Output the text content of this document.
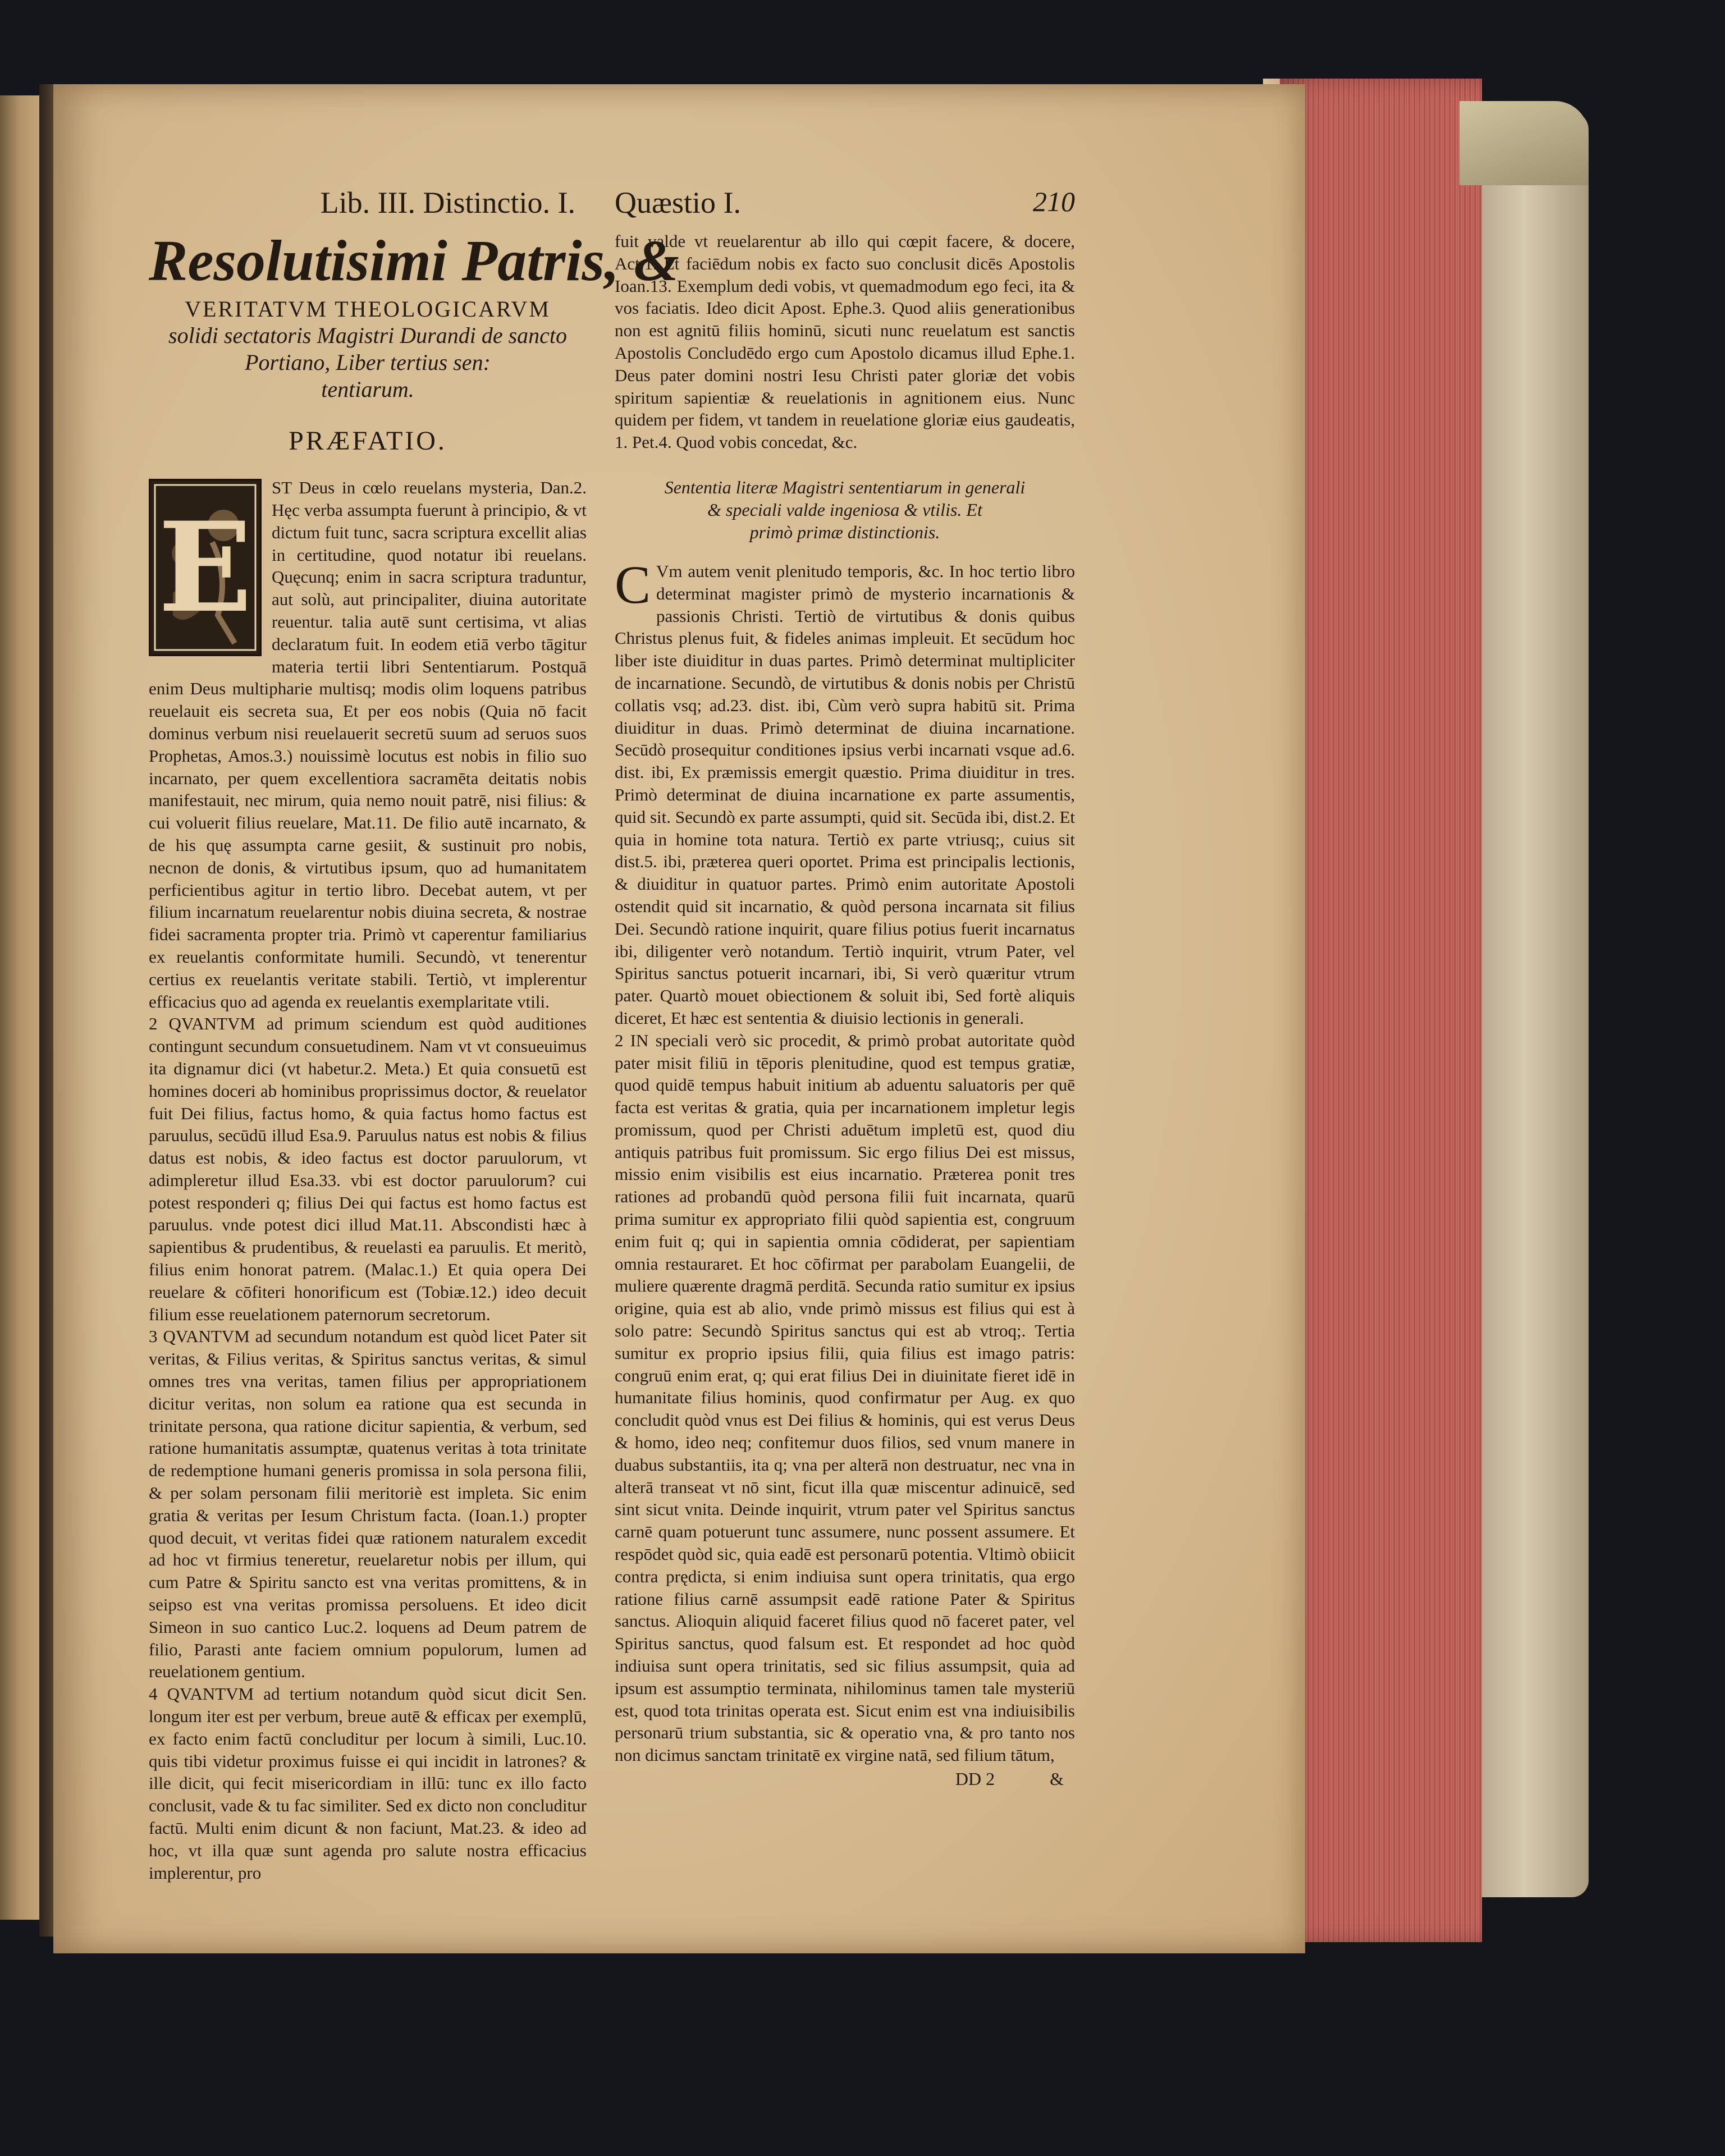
Lib. III. Distinctio. I.
Resolutisimi Patris, &
VERITATVM THEOLOGICARVM
solidi sectatoris Magistri Durandi de sancto
Portiano, Liber tertius sen:
tentiarum.
PRÆFATIO.
E

ST Deus in cœlo reuelans mysteria, Dan.2. Hęc verba assumpta fuerunt à principio, & vt dictum fuit tunc, sacra scriptura excellit alias in certitudine, quod notatur ibi reuelans. Quęcunq; enim in sacra scriptura traduntur, aut solù, aut principaliter, diuina autoritate reuentur. talia autē sunt certisima, vt alias declaratum fuit. In eodem etiā verbo tāgitur materia tertii libri Sententiarum. Postquā enim Deus multipharie multisq; modis olim loquens patribus reuelauit eis secreta sua, Et per eos nobis (Quia nō facit dominus verbum nisi reuelauerit secretū suum ad seruos suos Prophetas, Amos.3.) nouissimè locutus est nobis in filio suo incarnato, per quem excellentiora sacramēta deitatis nobis manifestauit, nec mirum, quia nemo nouit patrē, nisi filius: & cui voluerit filius reuelare, Mat.11. De filio autē incarnato, & de his quę assumpta carne gesiit, & sustinuit pro nobis, necnon de donis, & virtutibus ipsum, quo ad humanitatem perficientibus agitur in tertio libro. Decebat autem, vt per filium incarnatum reuelarentur nobis diuina secreta, & nostrae fidei sacramenta propter tria. Primò vt caperentur familiarius ex reuelantis conformitate humili. Secundò, vt tenerentur certius ex reuelantis veritate stabili. Tertiò, vt implerentur efficacius quo ad agenda ex reuelantis exemplaritate vtili.

2 QVANTVM ad primum sciendum est quòd auditiones contingunt secundum consuetudinem. Nam vt vt consueuimus ita dignamur dici (vt habetur.2. Meta.) Et quia consuetū est homines doceri ab hominibus proprissimus doctor, & reuelator fuit Dei filius, factus homo, & quia factus homo factus est paruulus, secūdū illud Esa.9. Paruulus natus est nobis & filius datus est nobis, & ideo factus est doctor paruulorum, vt adimpleretur illud Esa.33. vbi est doctor paruulorum? cui potest responderi q; filius Dei qui factus est homo factus est paruulus. vnde potest dici illud Mat.11. Abscondisti hæc à sapientibus & prudentibus, & reuelasti ea paruulis. Et meritò, filius enim honorat patrem. (Malac.1.) Et quia opera Dei reuelare & cōfiteri honorificum est (Tobiæ.12.) ideo decuit filium esse reuelationem paternorum secretorum.

3 QVANTVM ad secundum notandum est quòd licet Pater sit veritas, & Filius veritas, & Spiritus sanctus veritas, & simul omnes tres vna veritas, tamen filius per appropriationem dicitur veritas, non solum ea ratione qua est secunda in trinitate persona, qua ratione dicitur sapientia, & verbum, sed ratione humanitatis assumptæ, quatenus veritas à tota trinitate de redemptione humani generis promissa in sola persona filii, & per solam personam filii meritoriè est impleta. Sic enim gratia & veritas per Iesum Christum facta. (Ioan.1.) propter quod decuit, vt veritas fidei quæ rationem naturalem excedit ad hoc vt firmius teneretur, reuelaretur nobis per illum, qui cum Patre & Spiritu sancto est vna veritas promittens, & in seipso est vna veritas promissa persoluens. Et ideo dicit Simeon in suo cantico Luc.2. loquens ad Deum patrem de filio, Parasti ante faciem omnium populorum, lumen ad reuelationem gentium.

4 QVANTVM ad tertium notandum quòd sicut dicit Sen. longum iter est per verbum, breue autē & efficax per exemplū, ex facto enim factū concluditur per locum à simili, Luc.10. quis tibi videtur proximus fuisse ei qui incidit in latrones? & ille dicit, qui fecit misericordiam in illū: tunc ex illo facto conclusit, vade & tu fac similiter. Sed ex dicto non concluditur factū. Multi enim dicunt & non faciunt, Mat.23. & ideo ad hoc, vt illa quæ sunt agenda pro salute nostra efficacius implerentur, pro

Quæstio I.	210

fuit valde vt reuelarentur ab illo qui cœpit facere, & docere, Act.1. Et faciēdum nobis ex facto suo conclusit dicēs Apostolis Ioan.13. Exemplum dedi vobis, vt quemadmodum ego feci, ita & vos faciatis. Ideo dicit Apost. Ephe.3. Quod aliis generationibus non est agnitū filiis hominū, sicuti nunc reuelatum est sanctis Apostolis Concludēdo ergo cum Apostolo dicamus illud Ephe.1. Deus pater domini nostri Iesu Christi pater gloriæ det vobis spiritum sapientiæ & reuelationis in agnitionem eius. Nunc quidem per fidem, vt tandem in reuelatione gloriæ eius gaudeatis, 1. Pet.4. Quod vobis concedat, &c.

Sententia literæ Magistri sententiarum in generali
& speciali valde ingeniosa & vtilis. Et
primò primæ distinctionis.
C Vm autem venit plenitudo temporis, &c. In hoc tertio libro determinat magister primò de mysterio incarnationis & passionis Christi. Tertiò de virtutibus & donis quibus Christus plenus fuit, & fideles animas impleuit. Et secūdum hoc liber iste diuiditur in duas partes. Primò determinat multipliciter de incarnatione. Secundò, de virtutibus & donis nobis per Christū collatis vsq; ad.23. dist. ibi, Cùm verò supra habitū sit. Prima diuiditur in duas. Primò determinat de diuina incarnatione. Secūdò prosequitur conditiones ipsius verbi incarnati vsque ad.6. dist. ibi, Ex præmissis emergit quæstio. Prima diuiditur in tres. Primò determinat de diuina incarnatione ex parte assumentis, quid sit. Secundò ex parte assumpti, quid sit. Secūda ibi, dist.2. Et quia in homine tota natura. Tertiò ex parte vtriusq;, cuius sit dist.5. ibi, præterea queri oportet. Prima est principalis lectionis, & diuiditur in quatuor partes. Primò enim autoritate Apostoli ostendit quid sit incarnatio, & quòd persona incarnata sit filius Dei. Secundò ratione inquirit, quare filius potius fuerit incarnatus ibi, diligenter verò notandum. Tertiò inquirit, vtrum Pater, vel Spiritus sanctus potuerit incarnari, ibi, Si verò quæritur vtrum pater. Quartò mouet obiectionem & soluit ibi, Sed fortè aliquis diceret, Et hæc est sententia & diuisio lectionis in generali.

2 IN speciali verò sic procedit, & primò probat autoritate quòd pater misit filiū in tēporis plenitudine, quod est tempus gratiæ, quod quidē tempus habuit initium ab aduentu saluatoris per quē facta est veritas & gratia, quia per incarnationem impletur legis promissum, quod per Christi aduētum impletū est, quod diu antiquis patribus fuit promissum. Sic ergo filius Dei est missus, missio enim visibilis est eius incarnatio. Præterea ponit tres rationes ad probandū quòd persona filii fuit incarnata, quarū prima sumitur ex appropriato filii quòd sapientia est, congruum enim fuit q; qui in sapientia omnia cōdiderat, per sapientiam omnia restauraret. Et hoc cōfirmat per parabolam Euangelii, de muliere quærente dragmā perditā. Secunda ratio sumitur ex ipsius origine, quia est ab alio, vnde primò missus est filius qui est à solo patre: Secundò Spiritus sanctus qui est ab vtroq;. Tertia sumitur ex proprio ipsius filii, quia filius est imago patris: congruū enim erat, q; qui erat filius Dei in diuinitate fieret idē in humanitate filius hominis, quod confirmatur per Aug. ex quo concludit quòd vnus est Dei filius & hominis, qui est verus Deus & homo, ideo neq; confitemur duos filios, sed vnum manere in duabus substantiis, ita q; vna per alterā non destruatur, nec vna in alterā transeat vt nō sint, ficut illa quæ miscentur adinuicē, sed sint sicut vnita. Deinde inquirit, vtrum pater vel Spiritus sanctus carnē quam potuerunt tunc assumere, nunc possent assumere. Et respōdet quòd sic, quia eadē est personarū potentia. Vltimò obiicit contra prędicta, si enim indiuisa sunt opera trinitatis, qua ergo ratione filius carnē assumpsit eadē ratione Pater & Spiritus sanctus. Alioquin aliquid faceret filius quod nō faceret pater, vel Spiritus sanctus, quod falsum est. Et respondet ad hoc quòd indiuisa sunt opera trinitatis, sed sic filius assumpsit, quia ad ipsum est assumptio terminata, nihilominus tamen tale mysteriū est, quod tota trinitas operata est. Sicut enim est vna indiuisibilis personarū trium substantia, sic & operatio vna, & pro tanto nos non dicimus sanctam trinitatē ex virgine natā, sed filium tātum,

DD 2	&
